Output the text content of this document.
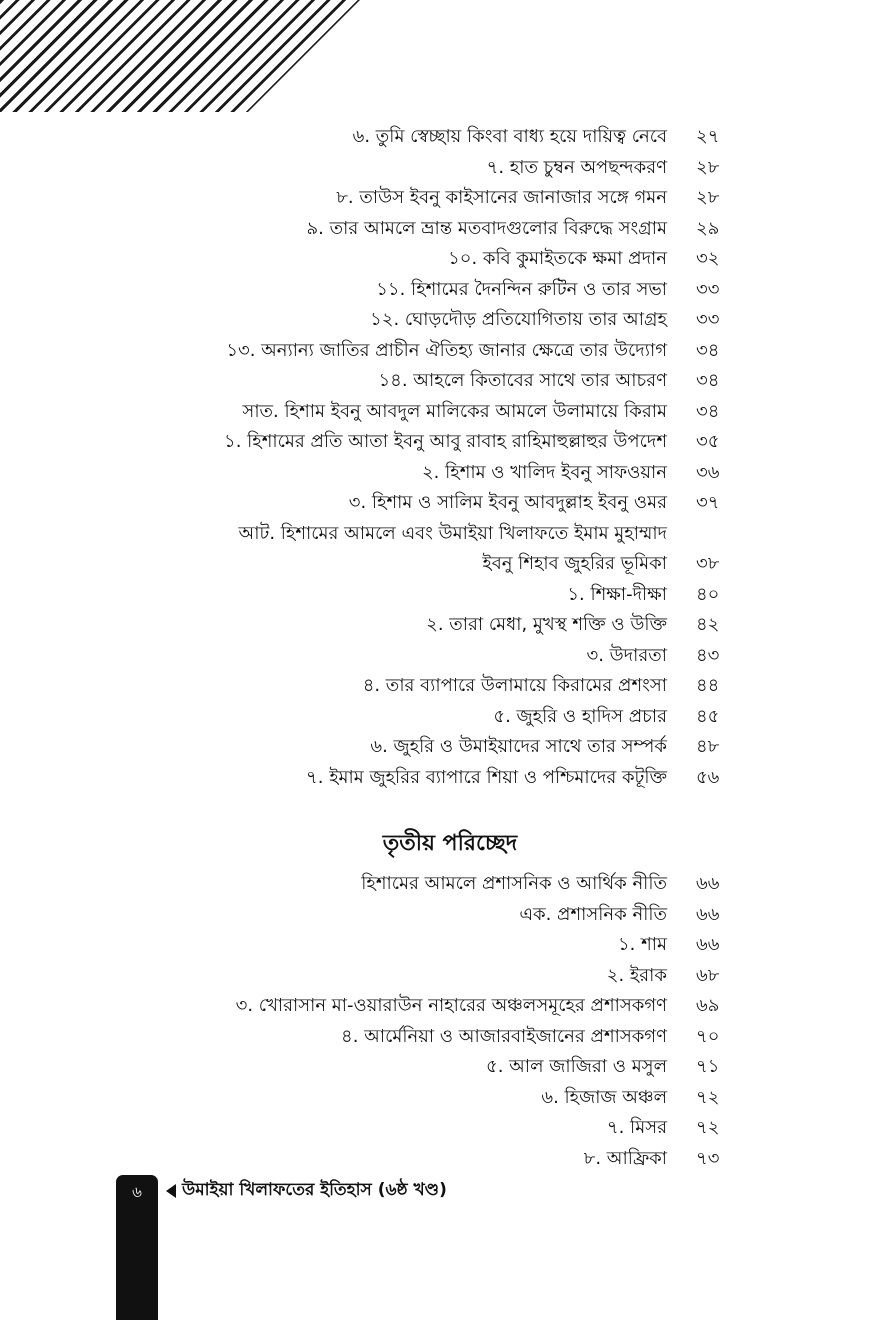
৬. তুমি স্বেচ্ছায় কিংবা বাধ্য হয়ে দায়িত্ব নেবে ২৭
৭. হাত চুম্বন অপছন্দকরণ ২৮
৮. তাউস ইবনু কাইসানের জানাজার সঙ্গে গমন ২৮
৯. তার আমলে ভ্রান্ত মতবাদগুলোর বিরুদ্ধে সংগ্রাম ২৯
১০. কবি কুমাইতকে ক্ষমা প্রদান ৩২
১১. হিশামের দৈনন্দিন রুটিন ও তার সভা ৩৩
১২. ঘোড়দৌড় প্রতিযোগিতায় তার আগ্রহ ৩৩
১৩. অন্যান্য জাতির প্রাচীন ঐতিহ্য জানার ক্ষেত্রে তার উদ্যোগ ৩৪
১৪. আহলে কিতাবের সাথে তার আচরণ ৩৪
সাত. হিশাম ইবনু আবদুল মালিকের আমলে উলামায়ে কিরাম ৩৪
১. হিশামের প্রতি আতা ইবনু আবু রাবাহ রাহিমাহুল্লাহুর উপদেশ ৩৫
২. হিশাম ও খালিদ ইবনু সাফওয়ান ৩৬
৩. হিশাম ও সালিম ইবনু আবদুল্লাহ ইবনু ওমর ৩৭
আট. হিশামের আমলে এবং উমাইয়া খিলাফতে ইমাম মুহাম্মাদ
ইবনু শিহাব জুহরির ভূমিকা ৩৮
১. শিক্ষা-দীক্ষা ৪০
২. তারা মেধা, মুখস্থ শক্তি ও উক্তি ৪২
৩. উদারতা ৪৩
৪. তার ব্যাপারে উলামায়ে কিরামের প্রশংসা ৪৪
৫. জুহরি ও হাদিস প্রচার ৪৫
৬. জুহরি ও উমাইয়াদের সাথে তার সম্পর্ক ৪৮
৭. ইমাম জুহরির ব্যাপারে শিয়া ও পশ্চিমাদের কটূক্তি ৫৬
তৃতীয় পরিচ্ছেদ
হিশামের আমলে প্রশাসনিক ও আর্থিক নীতি ৬৬
এক. প্রশাসনিক নীতি ৬৬
১. শাম ৬৬
২. ইরাক ৬৮
৩. খোরাসান মা-ওয়ারাউন নাহারের অঞ্চলসমূহের প্রশাসকগণ ৬৯
৪. আর্মেনিয়া ও আজারবাইজানের প্রশাসকগণ ৭০
৫. আল জাজিরা ও মসুল ৭১
৬. হিজাজ অঞ্চল ৭২
৭. মিসর ৭২
৮. আফ্রিকা ৭৩
৬	উমাইয়া খিলাফতের ইতিহাস (৬ষ্ঠ খণ্ড)
